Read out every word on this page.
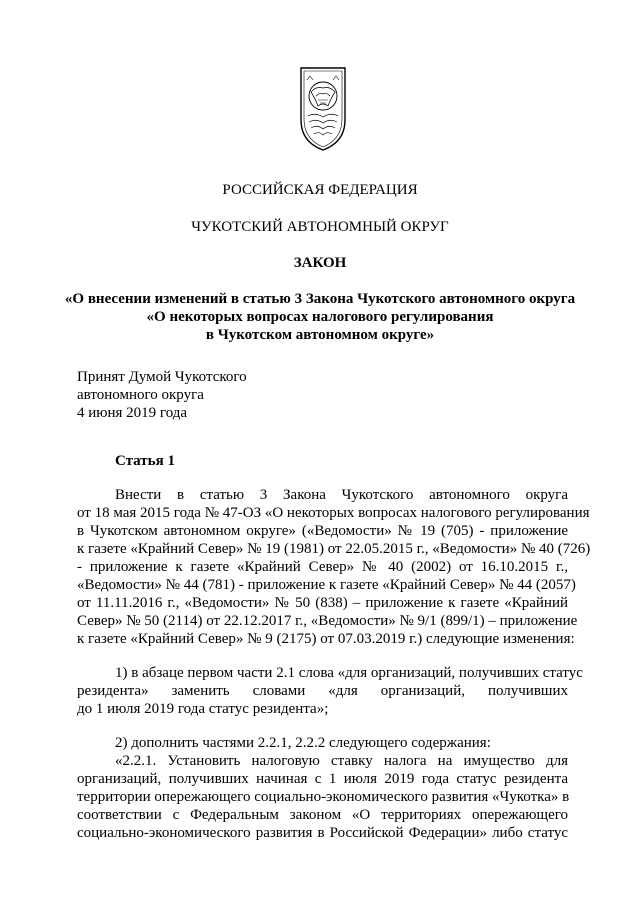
РОССИЙСКАЯ ФЕДЕРАЦИЯ
ЧУКОТСКИЙ АВТОНОМНЫЙ ОКРУГ
ЗАКОН
«О внесении изменений в статью 3 Закона Чукотского автономного округа
«О некоторых вопросах налогового регулирования
в Чукотском автономном округе»
Принят Думой Чукотского
автономного округа
4 июня 2019 года
Статья 1
Внести в статью 3 Закона Чукотского автономного округа
от 18 мая 2015 года № 47-ОЗ «О некоторых вопросах налогового регулирования
в Чукотском автономном округе» («Ведомости» № 19 (705) - приложение
к газете «Крайний Север» № 19 (1981) от 22.05.2015 г., «Ведомости» № 40 (726)
- приложение к газете «Крайний Север» № 40 (2002) от 16.10.2015 г.,
«Ведомости» № 44 (781) - приложение к газете «Крайний Север» № 44 (2057)
от 11.11.2016 г., «Ведомости» № 50 (838) – приложение к газете «Крайний
Север» № 50 (2114) от 22.12.2017 г., «Ведомости» № 9/1 (899/1) – приложение
к газете «Крайний Север» № 9 (2175) от 07.03.2019 г.) следующие изменения:
1) в абзаце первом части 2.1 слова «для организаций, получивших статус
резидента» заменить словами «для организаций, получивших
до 1 июля 2019 года статус резидента»;
2) дополнить частями 2.2.1, 2.2.2 следующего содержания:
«2.2.1. Установить налоговую ставку налога на имущество для
организаций, получивших начиная с 1 июля 2019 года статус резидента
территории опережающего социально-экономического развития «Чукотка» в
соответствии с Федеральным законом «О территориях опережающего
социально-экономического развития в Российской Федерации» либо статус
